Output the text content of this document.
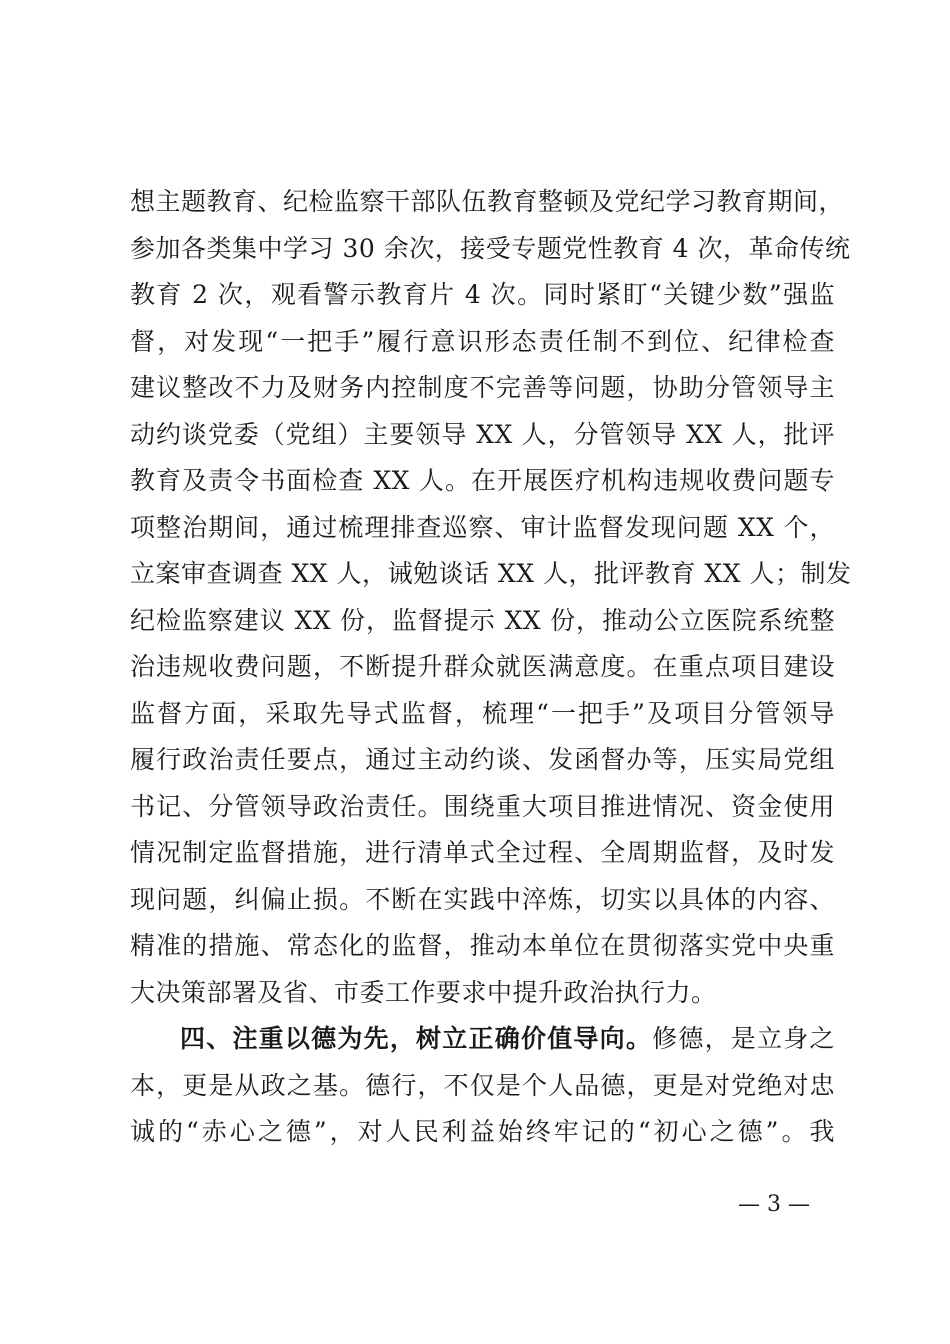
想主题教育、纪检监察干部队伍教育整顿及党纪学习教育期间，
参加各类集中学习 30 余次，接受专题党性教育 4 次，革命传统
教育 2 次，观看警示教育片 4 次。同时紧盯“关键少数”强监
督，对发现“一把手”履行意识形态责任制不到位、纪律检查
建议整改不力及财务内控制度不完善等问题，协助分管领导主
动约谈党委（党组）主要领导 XX 人，分管领导 XX 人，批评
教育及责令书面检查 XX 人。在开展医疗机构违规收费问题专
项整治期间，通过梳理排查巡察、审计监督发现问题 XX 个，
立案审查调查 XX 人，诫勉谈话 XX 人，批评教育 XX 人；制发
纪检监察建议 XX 份，监督提示 XX 份，推动公立医院系统整
治违规收费问题，不断提升群众就医满意度。在重点项目建设
监督方面，采取先导式监督，梳理“一把手”及项目分管领导
履行政治责任要点，通过主动约谈、发函督办等，压实局党组
书记、分管领导政治责任。围绕重大项目推进情况、资金使用
情况制定监督措施，进行清单式全过程、全周期监督，及时发
现问题，纠偏止损。不断在实践中淬炼，切实以具体的内容、
精准的措施、常态化的监督，推动本单位在贯彻落实党中央重
大决策部署及省、市委工作要求中提升政治执行力。
四、注重以德为先，树立正确价值导向。修德，是立身之
本，更是从政之基。德行，不仅是个人品德，更是对党绝对忠
诚的“赤心之德”，对人民利益始终牢记的“初心之德”。我
— 3 —
